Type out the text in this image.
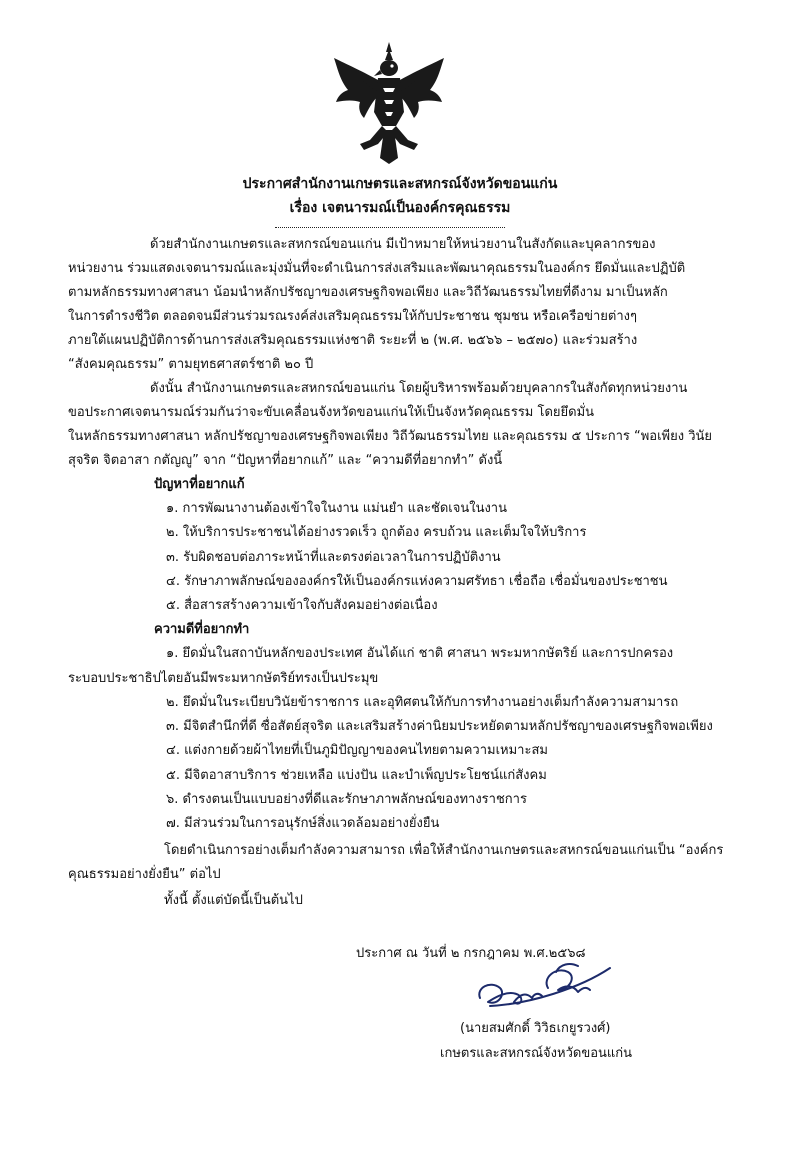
ประกาศสำนักงานเกษตรและสหกรณ์จังหวัดขอนแก่น
เรื่อง เจตนารมณ์เป็นองค์กรคุณธรรม
ด้วยสำนักงานเกษตรและสหกรณ์ขอนแก่น มีเป้าหมายให้หน่วยงานในสังกัดและบุคลากรของ
หน่วยงาน ร่วมแสดงเจตนารมณ์และมุ่งมั่นที่จะดำเนินการส่งเสริมและพัฒนาคุณธรรมในองค์กร ยึดมั่นและปฏิบัติ
ตามหลักธรรมทางศาสนา น้อมนำหลักปรัชญาของเศรษฐกิจพอเพียง และวิถีวัฒนธรรมไทยที่ดีงาม มาเป็นหลัก
ในการดำรงชีวิต ตลอดจนมีส่วนร่วมรณรงค์ส่งเสริมคุณธรรมให้กับประชาชน ชุมชน หรือเครือข่ายต่างๆ
ภายใต้แผนปฏิบัติการด้านการส่งเสริมคุณธรรมแห่งชาติ ระยะที่ ๒ (พ.ศ. ๒๕๖๖ – ๒๕๗๐) และร่วมสร้าง
“สังคมคุณธรรม” ตามยุทธศาสตร์ชาติ ๒๐ ปี
ดังนั้น สำนักงานเกษตรและสหกรณ์ขอนแก่น โดยผู้บริหารพร้อมด้วยบุคลากรในสังกัดทุกหน่วยงาน
ขอประกาศเจตนารมณ์ร่วมกันว่าจะขับเคลื่อนจังหวัดขอนแก่นให้เป็นจังหวัดคุณธรรม โดยยึดมั่น
ในหลักธรรมทางศาสนา หลักปรัชญาของเศรษฐกิจพอเพียง วิถีวัฒนธรรมไทย และคุณธรรม ๕ ประการ “พอเพียง วินัย
สุจริต จิตอาสา กตัญญู” จาก “ปัญหาที่อยากแก้” และ “ความดีที่อยากทำ” ดังนี้
ปัญหาที่อยากแก้
๑. การพัฒนางานต้องเข้าใจในงาน แม่นยำ และชัดเจนในงาน
๒. ให้บริการประชาชนได้อย่างรวดเร็ว ถูกต้อง ครบถ้วน และเต็มใจให้บริการ
๓. รับผิดชอบต่อภาระหน้าที่และตรงต่อเวลาในการปฏิบัติงาน
๔. รักษาภาพลักษณ์ขององค์กรให้เป็นองค์กรแห่งความศรัทธา เชื่อถือ เชื่อมั่นของประชาชน
๕. สื่อสารสร้างความเข้าใจกับสังคมอย่างต่อเนื่อง
ความดีที่อยากทำ
๑. ยึดมั่นในสถาบันหลักของประเทศ อันได้แก่ ชาติ ศาสนา พระมหากษัตริย์ และการปกครอง
ระบอบประชาธิปไตยอันมีพระมหากษัตริย์ทรงเป็นประมุข
๒. ยึดมั่นในระเบียบวินัยข้าราชการ และอุทิศตนให้กับการทำงานอย่างเต็มกำลังความสามารถ
๓. มีจิตสำนึกที่ดี ซื่อสัตย์สุจริต และเสริมสร้างค่านิยมประหยัดตามหลักปรัชญาของเศรษฐกิจพอเพียง
๔. แต่งกายด้วยผ้าไทยที่เป็นภูมิปัญญาของคนไทยตามความเหมาะสม
๕. มีจิตอาสาบริการ ช่วยเหลือ แบ่งปัน และบำเพ็ญประโยชน์แก่สังคม
๖. ดำรงตนเป็นแบบอย่างที่ดีและรักษาภาพลักษณ์ของทางราชการ
๗. มีส่วนร่วมในการอนุรักษ์สิ่งแวดล้อมอย่างยั่งยืน
โดยดำเนินการอย่างเต็มกำลังความสามารถ เพื่อให้สำนักงานเกษตรและสหกรณ์ขอนแก่นเป็น “องค์กร
คุณธรรมอย่างยั่งยืน” ต่อไป
ทั้งนี้ ตั้งแต่บัดนี้เป็นต้นไป
ประกาศ ณ วันที่ ๒ กรกฎาคม พ.ศ.๒๕๖๘
(นายสมศักดิ์ วิวิธเกยูรวงศ์)
เกษตรและสหกรณ์จังหวัดขอนแก่น
